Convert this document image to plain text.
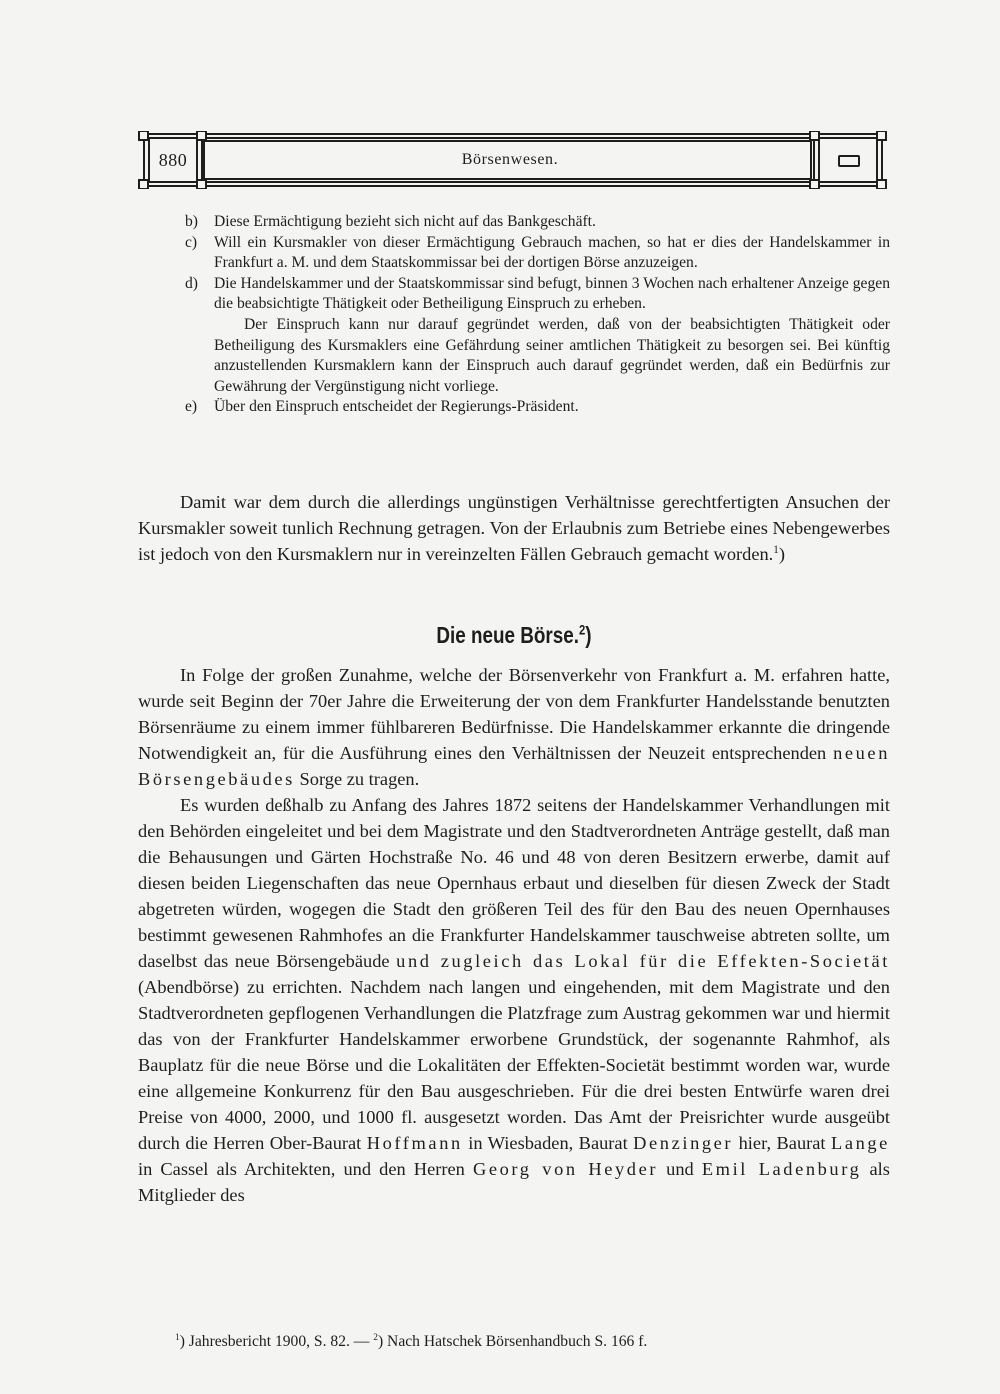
880	Börsenwesen.
b) Diese Ermächtigung bezieht sich nicht auf das Bankgeschäft.
c) Will ein Kursmakler von dieser Ermächtigung Gebrauch machen, so hat er dies der Handelskammer in Frankfurt a. M. und dem Staatskommissar bei der dortigen Börse anzuzeigen.
d) Die Handelskammer und der Staatskommissar sind befugt, binnen 3 Wochen nach erhaltener Anzeige gegen die beabsichtigte Thätigkeit oder Betheiligung Einspruch zu erheben.

Der Einspruch kann nur darauf gegründet werden, daß von der beabsichtigten Thätigkeit oder Betheiligung des Kursmaklers eine Gefährdung seiner amtlichen Thätigkeit zu besorgen sei. Bei künftig anzustellenden Kursmaklern kann der Einspruch auch darauf gegründet werden, daß ein Bedürfnis zur Gewährung der Vergünstigung nicht vorliege.

e) Über den Einspruch entscheidet der Regierungs-Präsident.

Damit war dem durch die allerdings ungünstigen Verhältnisse gerechtfertigten Ansuchen der Kursmakler soweit tunlich Rechnung getragen. Von der Erlaubnis zum Betriebe eines Nebengewerbes ist jedoch von den Kursmaklern nur in vereinzelten Fällen Gebrauch gemacht worden.$^1$)

Die neue Börse.$^2$)

In Folge der großen Zunahme, welche der Börsenverkehr von Frankfurt a. M. erfahren hatte, wurde seit Beginn der 70er Jahre die Erweiterung der von dem Frankfurter Handelsstande benutzten Börsenräume zu einem immer fühlbareren Bedürfnisse. Die Handelskammer erkannte die dringende Notwendigkeit an, für die Ausführung eines den Verhältnissen der Neuzeit entsprechenden neuen Börsengebäudes Sorge zu tragen.

Es wurden deßhalb zu Anfang des Jahres 1872 seitens der Handelskammer Verhandlungen mit den Behörden eingeleitet und bei dem Magistrate und den Stadtverordneten Anträge gestellt, daß man die Behausungen und Gärten Hochstraße No. 46 und 48 von deren Besitzern erwerbe, damit auf diesen beiden Liegenschaften das neue Opernhaus erbaut und dieselben für diesen Zweck der Stadt abgetreten würden, wogegen die Stadt den größeren Teil des für den Bau des neuen Opernhauses bestimmt gewesenen Rahmhofes an die Frankfurter Handelskammer tauschweise abtreten sollte, um daselbst das neue Börsengebäude und zugleich das Lokal für die Effekten-Societät (Abendbörse) zu errichten. Nachdem nach langen und eingehenden, mit dem Magistrate und den Stadtverordneten gepflogenen Verhandlungen die Platzfrage zum Austrag gekommen war und hiermit das von der Frankfurter Handelskammer erworbene Grundstück, der sogenannte Rahmhof, als Bauplatz für die neue Börse und die Lokalitäten der Effekten-Societät bestimmt worden war, wurde eine allgemeine Konkurrenz für den Bau ausgeschrieben. Für die drei besten Entwürfe waren drei Preise von 4000, 2000, und 1000 fl. ausgesetzt worden. Das Amt der Preisrichter wurde ausgeübt durch die Herren Ober-Baurat Hoffmann in Wiesbaden, Baurat Denzinger hier, Baurat Lange in Cassel als Architekten, und den Herren Georg von Heyder und Emil Ladenburg als Mitglieder des

$^1$) Jahresbericht 1900, S. 82. — $^2$) Nach Hatschek Börsenhandbuch S. 166 f.
